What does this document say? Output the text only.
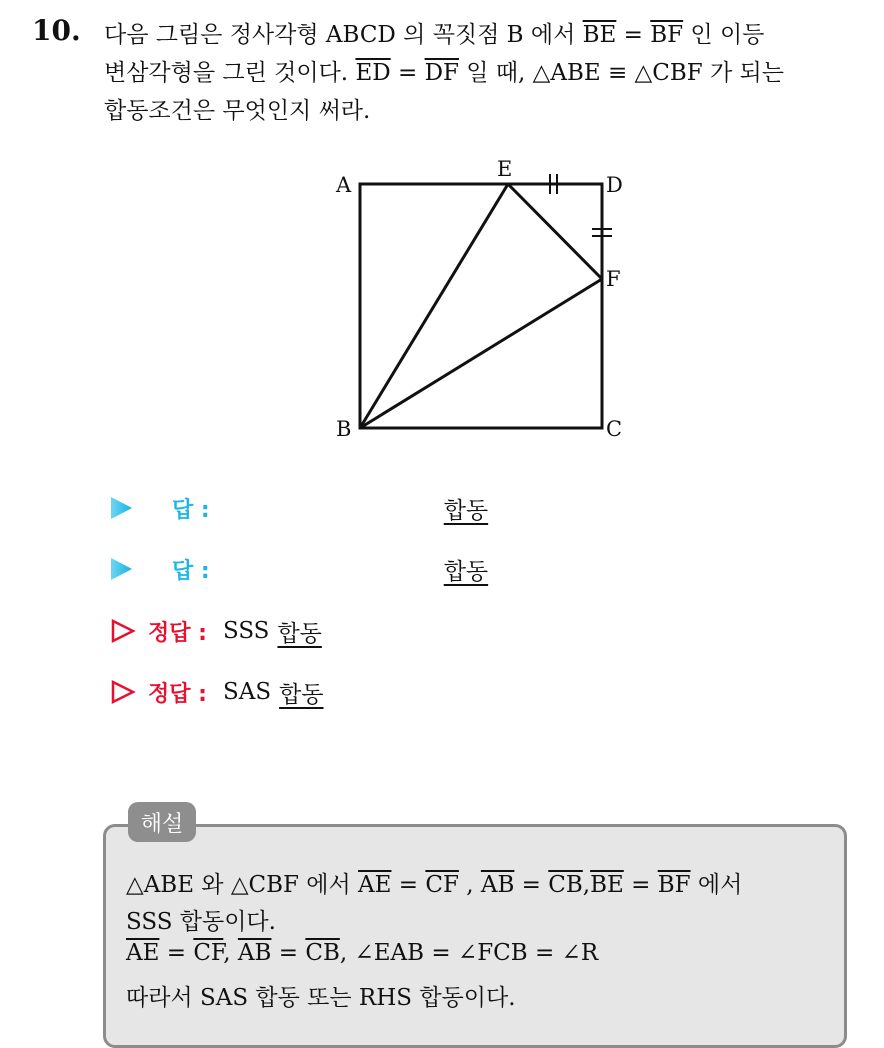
10. 다음 그림은 정사각형 ABCD 의 꼭짓점 B 에서 $\overline{BE} = \overline{BF}$ 인 이등
변삼각형을 그린 것이다. $\overline{ED} = \overline{DF}$ 일 때, △ABE ≡ △CBF 가 되는
합동조건은 무엇인지 써라.
A
E
D
F
B	C
답 :	합동
답 :	합동
정답 : SSS 합동
정답 : SAS 합동
해설
△ABE 와 △CBF 에서 $\overline{AE} = \overline{CF}$ , $\overline{AB} = \overline{CB},\overline{BE} = \overline{BF}$ 에서
SSS 합동이다.
$\overline{AE} = \overline{CF}$, $\overline{AB} = \overline{CB}$, ∠EAB = ∠FCB = ∠R
따라서 SAS 합동 또는 RHS 합동이다.
